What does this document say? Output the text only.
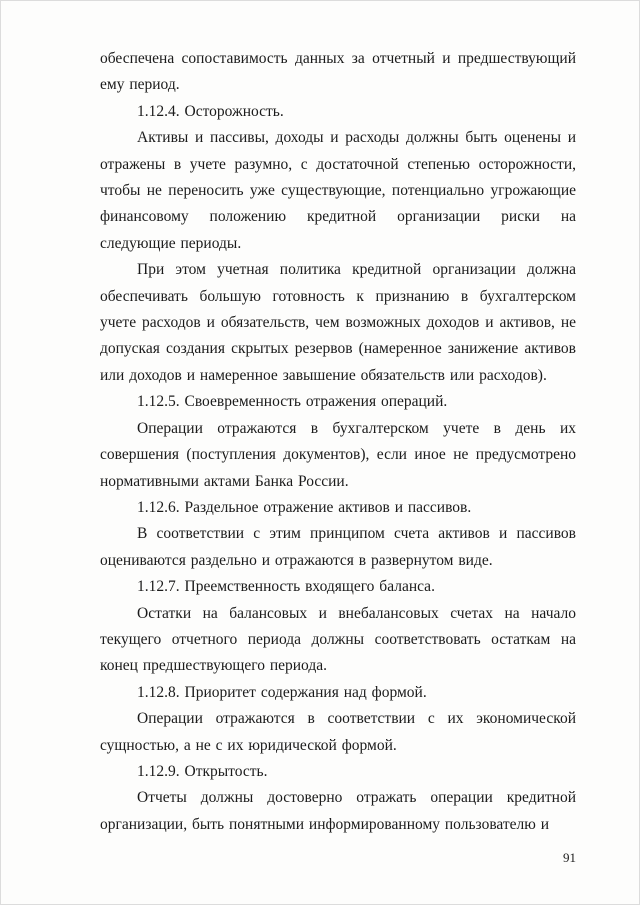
обеспечена сопоставимость данных за отчетный и предшествующий ему период.

1.12.4. Осторожность.

Активы и пассивы, доходы и расходы должны быть оценены и отражены в учете разумно, с достаточной степенью осторожности, чтобы не переносить уже существующие, потенциально угрожающие финансовому положению кредитной организации риски на следующие периоды.

При этом учетная политика кредитной организации должна обеспечивать большую готовность к признанию в бухгалтерском учете расходов и обязательств, чем возможных доходов и активов, не допуская создания скрытых резервов (намеренное занижение активов или доходов и намеренное завышение обязательств или расходов).

1.12.5. Своевременность отражения операций.

Операции отражаются в бухгалтерском учете в день их совершения (поступления документов), если иное не предусмотрено нормативными актами Банка России.

1.12.6. Раздельное отражение активов и пассивов.

В соответствии с этим принципом счета активов и пассивов оцениваются раздельно и отражаются в развернутом виде.

1.12.7. Преемственность входящего баланса.

Остатки на балансовых и внебалансовых счетах на начало текущего отчетного периода должны соответствовать остаткам на конец предшествующего периода.

1.12.8. Приоритет содержания над формой.

Операции отражаются в соответствии с их экономической сущностью, а не с их юридической формой.

1.12.9. Открытость.

Отчеты должны достоверно отражать операции кредитной организации, быть понятными информированному пользователю и

91
